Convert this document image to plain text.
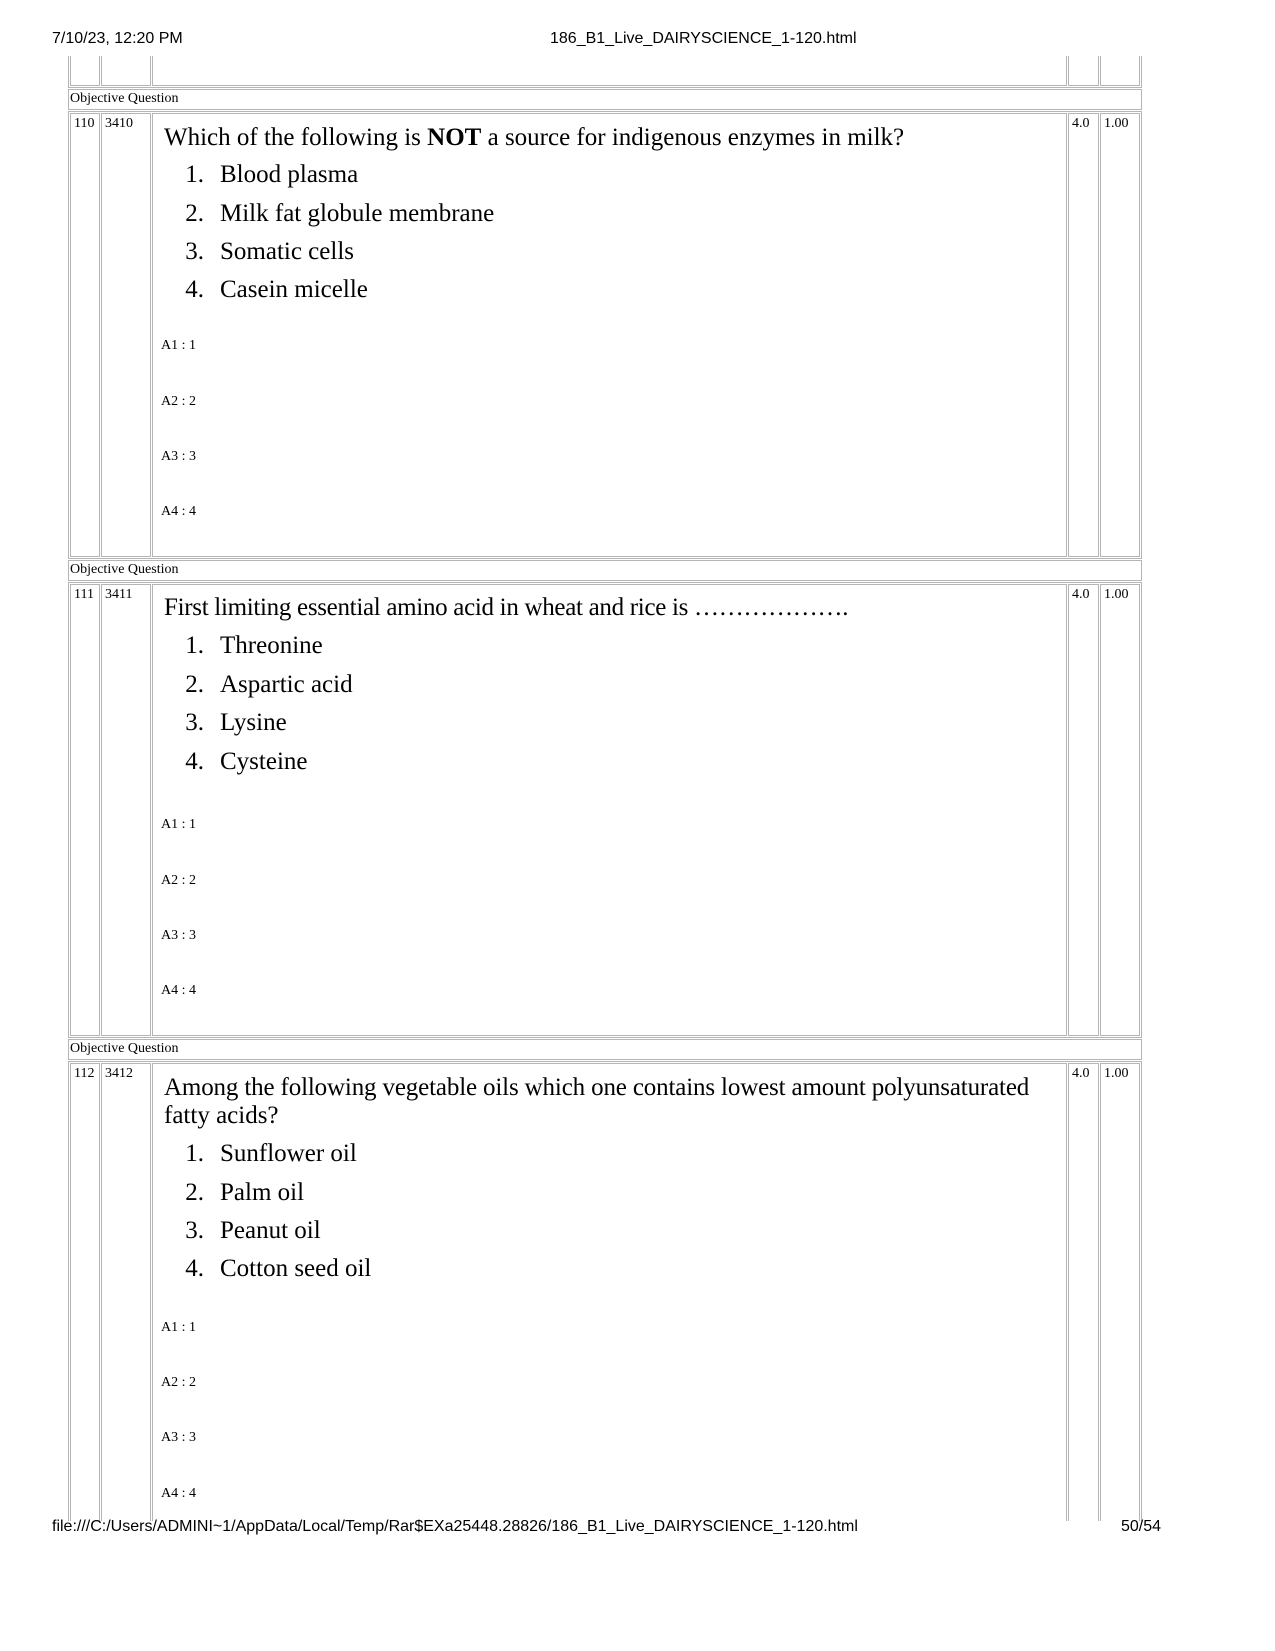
7/10/23, 12:20 PM	186_B1_Live_DAIRYSCIENCE_1-120.html
Objective Question
110 3410	4.0	1.00
Which of the following is NOT a source for indigenous enzymes in milk?
1. Blood plasma
2. Milk fat globule membrane
3. Somatic cells
4. Casein micelle
A1 : 1
A2 : 2
A3 : 3
A4 : 4
Objective Question
111 3411	4.0	1.00
First limiting essential amino acid in wheat and rice is ……………….
1. Threonine
2. Aspartic acid
3. Lysine
4. Cysteine
A1 : 1
A2 : 2
A3 : 3
A4 : 4
Objective Question
112 3412	4.0	1.00
Among the following vegetable oils which one contains lowest amount polyunsaturated
fatty acids?
1. Sunflower oil
2. Palm oil
3. Peanut oil
4. Cotton seed oil
A1 : 1
A2 : 2
A3 : 3
A4 : 4
file:///C:/Users/ADMINI~1/AppData/Local/Temp/Rar$EXa25448.28826/186_B1_Live_DAIRYSCIENCE_1-120.html	50/54
